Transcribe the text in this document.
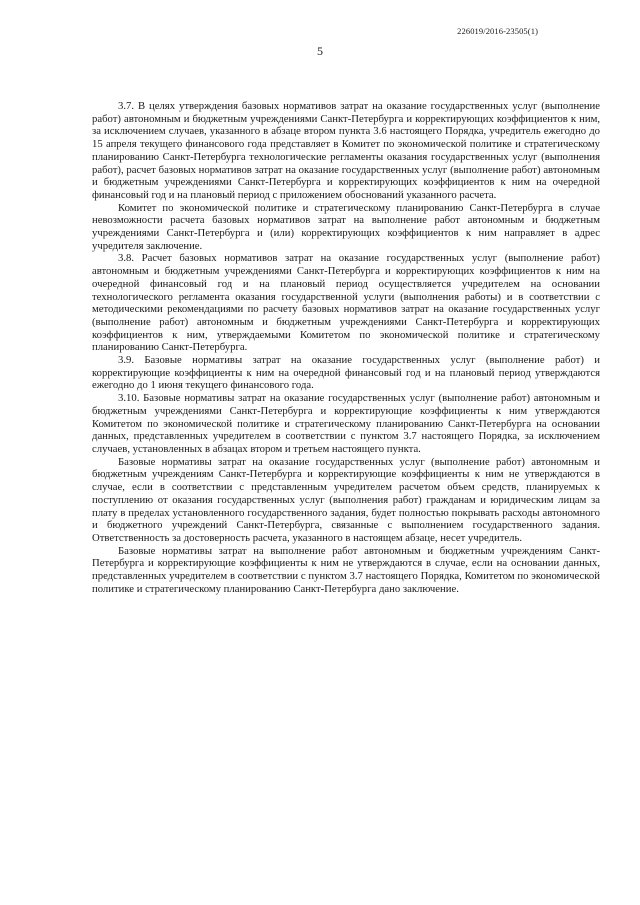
226019/2016-23505(1)
5

3.7. В целях утверждения базовых нормативов затрат на оказание государственных услуг (выполнение работ) автономным и бюджетным учреждениями Санкт-Петербурга и корректирующих коэффициентов к ним, за исключением случаев, указанного в абзаце втором пункта 3.6 настоящего Порядка, учредитель ежегодно до 15 апреля текущего финансового года представляет в Комитет по экономической политике и стратегическому планированию Санкт-Петербурга технологические регламенты оказания государственных услуг (выполнения работ), расчет базовых нормативов затрат на оказание государственных услуг (выполнение работ) автономным и бюджетным учреждениями Санкт-Петербурга и корректирующих коэффициентов к ним на очередной финансовый год и на плановый период с приложением обоснований указанного расчета.

Комитет по экономической политике и стратегическому планированию Санкт-Петербурга в случае невозможности расчета базовых нормативов затрат на выполнение работ автономным и бюджетным учреждениями Санкт-Петербурга и (или) корректирующих коэффициентов к ним направляет в адрес учредителя заключение.

3.8. Расчет базовых нормативов затрат на оказание государственных услуг (выполнение работ) автономным и бюджетным учреждениями Санкт-Петербурга и корректирующих коэффициентов к ним на очередной финансовый год и на плановый период осуществляется учредителем на основании технологического регламента оказания государственной услуги (выполнения работы) и в соответствии с методическими рекомендациями по расчету базовых нормативов затрат на оказание государственных услуг (выполнение работ) автономным и бюджетным учреждениями Санкт-Петербурга и корректирующих коэффициентов к ним, утверждаемыми Комитетом по экономической политике и стратегическому планированию Санкт-Петербурга.

3.9. Базовые нормативы затрат на оказание государственных услуг (выполнение работ) и корректирующие коэффициенты к ним на очередной финансовый год и на плановый период утверждаются ежегодно до 1 июня текущего финансового года.

3.10. Базовые нормативы затрат на оказание государственных услуг (выполнение работ) автономным и бюджетным учреждениями Санкт-Петербурга и корректирующие коэффициенты к ним утверждаются Комитетом по экономической политике и стратегическому планированию Санкт-Петербурга на основании данных, представленных учредителем в соответствии с пунктом 3.7 настоящего Порядка, за исключением случаев, установленных в абзацах втором и третьем настоящего пункта.

Базовые нормативы затрат на оказание государственных услуг (выполнение работ) автономным и бюджетным учреждениям Санкт-Петербурга и корректирующие коэффициенты к ним не утверждаются в случае, если в соответствии с представленным учредителем расчетом объем средств, планируемых к поступлению от оказания государственных услуг (выполнения работ) гражданам и юридическим лицам за плату в пределах установленного государственного задания, будет полностью покрывать расходы автономного и бюджетного учреждений Санкт-Петербурга, связанные с выполнением государственного задания. Ответственность за достоверность расчета, указанного в настоящем абзаце, несет учредитель.

Базовые нормативы затрат на выполнение работ автономным и бюджетным учреждениям Санкт-Петербурга и корректирующие коэффициенты к ним не утверждаются в случае, если на основании данных, представленных учредителем в соответствии с пунктом 3.7 настоящего Порядка, Комитетом по экономической политике и стратегическому планированию Санкт-Петербурга дано заключение.
